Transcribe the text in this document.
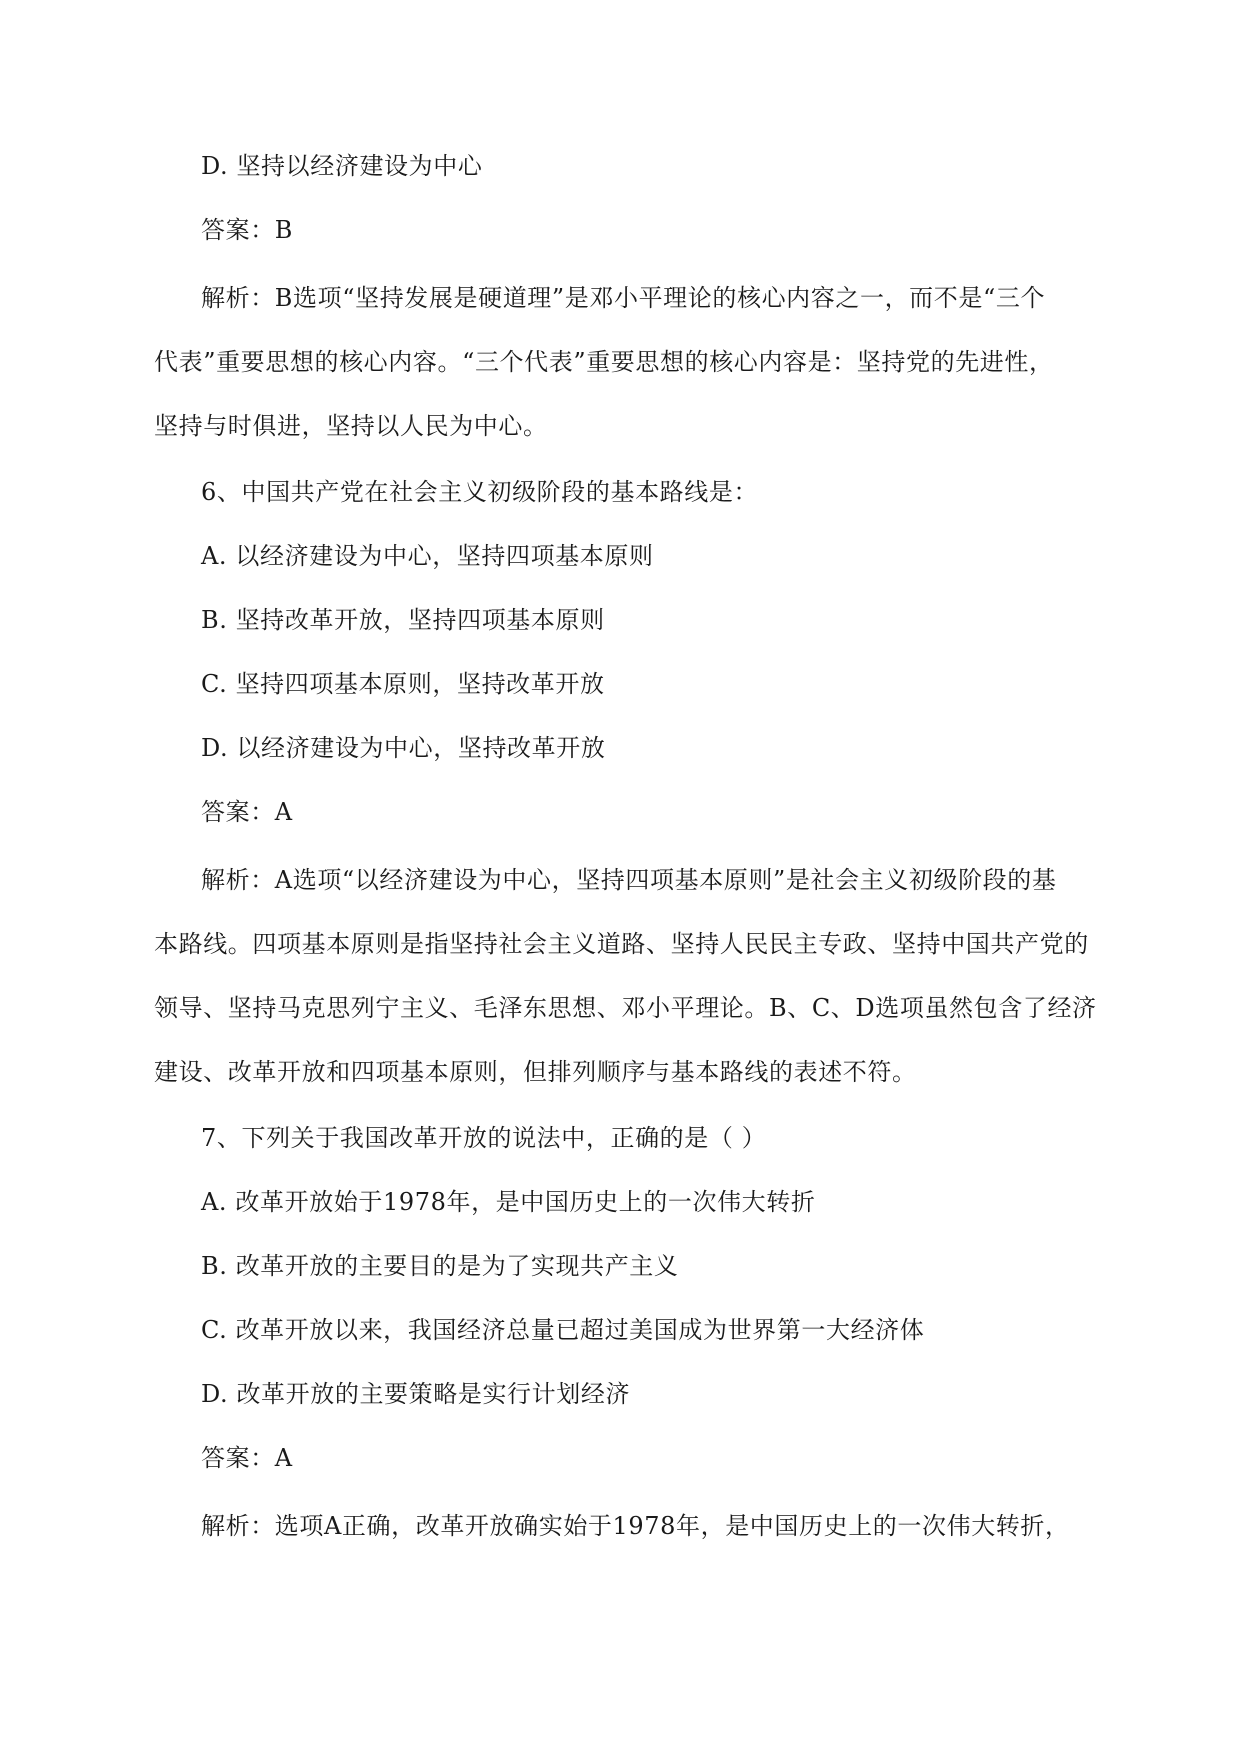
D. 坚持以经济建设为中心
答案：B
解析：B选项“坚持发展是硬道理”是邓小平理论的核心内容之一，而不是“三个
代表”重要思想的核心内容。“三个代表”重要思想的核心内容是：坚持党的先进性，
坚持与时俱进，坚持以人民为中心。
6、中国共产党在社会主义初级阶段的基本路线是：
A. 以经济建设为中心，坚持四项基本原则
B. 坚持改革开放，坚持四项基本原则
C. 坚持四项基本原则，坚持改革开放
D. 以经济建设为中心，坚持改革开放
答案：A
解析：A选项“以经济建设为中心，坚持四项基本原则”是社会主义初级阶段的基
本路线。四项基本原则是指坚持社会主义道路、坚持人民民主专政、坚持中国共产党的
领导、坚持马克思列宁主义、毛泽东思想、邓小平理论。B、C、D选项虽然包含了经济
建设、改革开放和四项基本原则，但排列顺序与基本路线的表述不符。
7、下列关于我国改革开放的说法中，正确的是（ ）
A. 改革开放始于1978年，是中国历史上的一次伟大转折
B. 改革开放的主要目的是为了实现共产主义
C. 改革开放以来，我国经济总量已超过美国成为世界第一大经济体
D. 改革开放的主要策略是实行计划经济
答案：A
解析：选项A正确，改革开放确实始于1978年，是中国历史上的一次伟大转折，
